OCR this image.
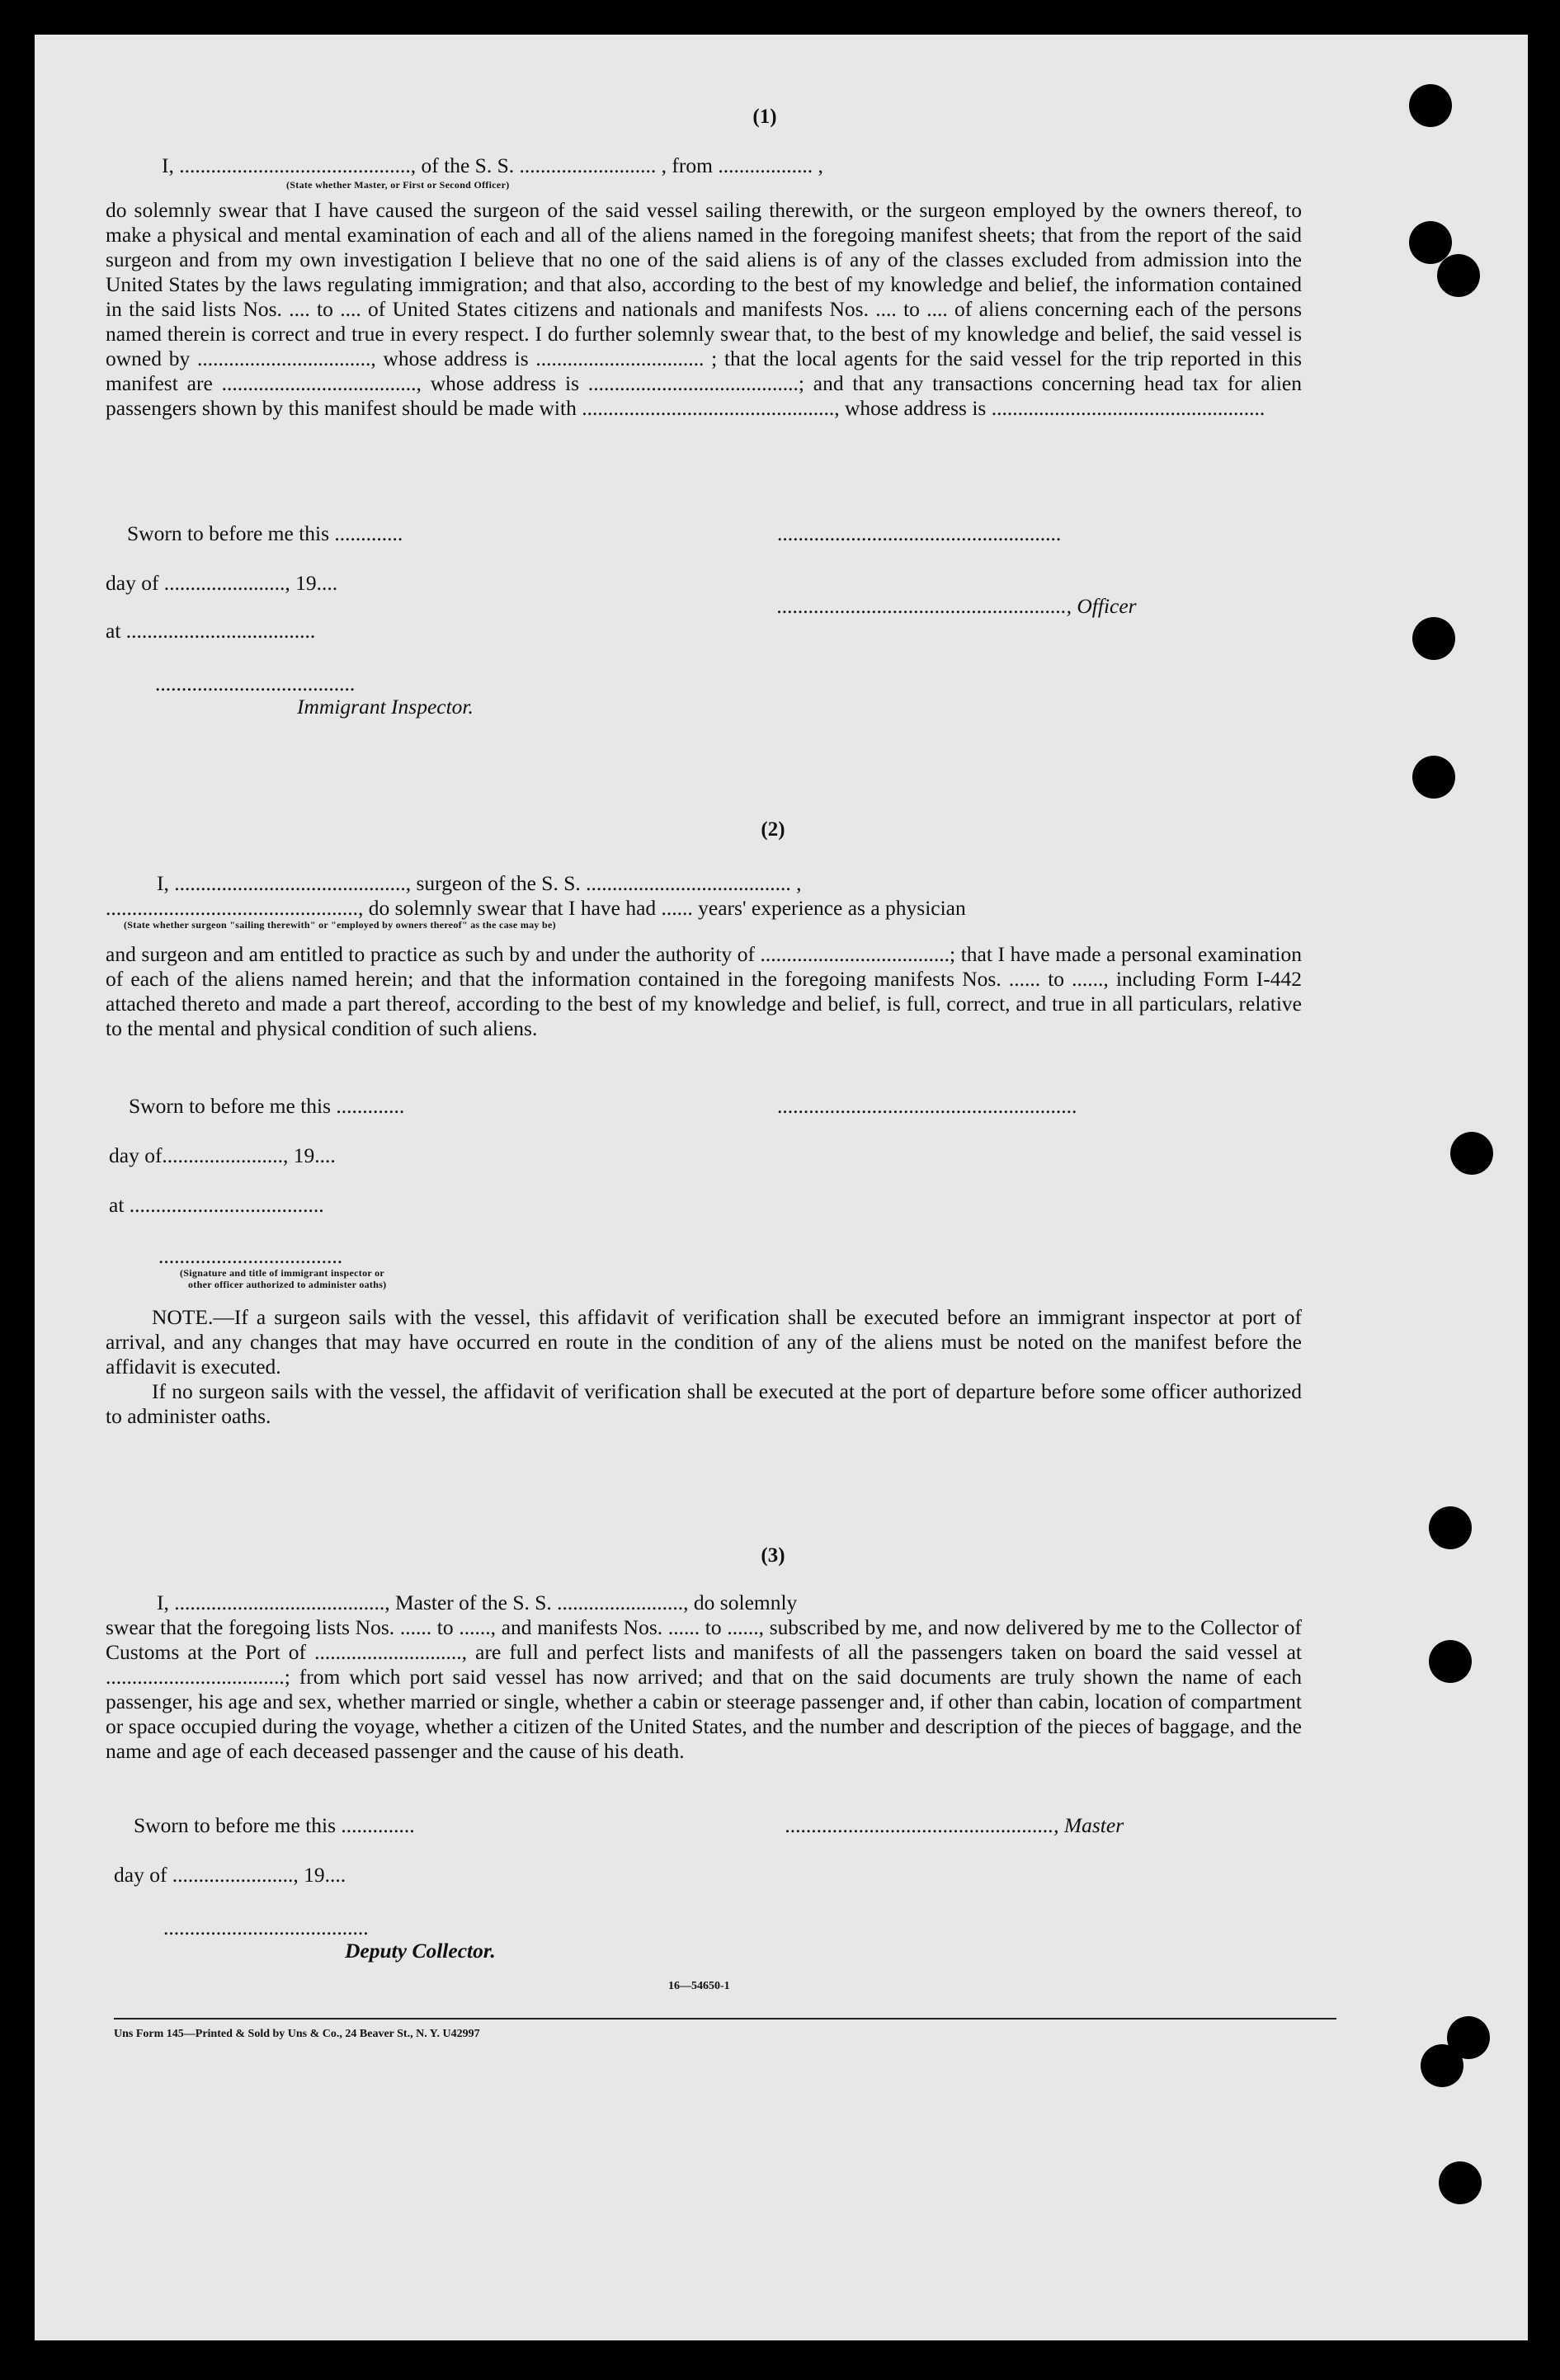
(1)
I, ............................................, of the S. S. .......................... , from .................. ,
(State whether Master, or First or Second Officer)
do solemnly swear that I have caused the surgeon of the said vessel sailing therewith, or the surgeon employed by the owners thereof, to make a physical and mental examination of each and all of the aliens named in the foregoing manifest sheets; that from the report of the said surgeon and from my own investigation I believe that no one of the said aliens is of any of the classes excluded from admission into the United States by the laws regulating immigration; and that also, according to the best of my knowledge and belief, the information contained in the said lists Nos. .... to .... of United States citizens and nationals and manifests Nos. .... to .... of aliens concerning each of the persons named therein is correct and true in every respect. I do further solemnly swear that, to the best of my knowledge and belief, the said vessel is owned by ................................., whose address is ................................ ; that the local agents for the said vessel for the trip reported in this manifest are ....................................., whose address is ........................................; and that any transactions concerning head tax for alien passengers shown by this manifest should be made with ................................................, whose address is ....................................................
Sworn to before me this .............	......................................................
day of ......................., 19....
......................................................., Officer
at ....................................
......................................
Immigrant Inspector.
(2)
I, ............................................, surgeon of the S. S. ....................................... ,
................................................, do solemnly swear that I have had ...... years' experience as a physician
(State whether surgeon "sailing therewith" or "employed by owners thereof" as the case may be)
and surgeon and am entitled to practice as such by and under the authority of ....................................; that I have made a personal examination of each of the aliens named herein; and that the information contained in the foregoing manifests Nos. ...... to ......, including Form I-442 attached thereto and made a part thereof, according to the best of my knowledge and belief, is full, correct, and true in all particulars, relative to the mental and physical condition of such aliens.
Sworn to before me this .............	.........................................................
day of......................., 19....
at .....................................
...................................
(Signature and title of immigrant inspector or
other officer authorized to administer oaths)
NOTE.—If a surgeon sails with the vessel, this affidavit of verification shall be executed before an immigrant inspector at port of arrival, and any changes that may have occurred en route in the condition of any of the aliens must be noted on the manifest before the affidavit is executed.
If no surgeon sails with the vessel, the affidavit of verification shall be executed at the port of departure before some officer authorized to administer oaths.
(3)
I, ........................................, Master of the S. S. ........................, do solemnly
swear that the foregoing lists Nos. ...... to ......, and manifests Nos. ...... to ......, subscribed by me, and now delivered by me to the Collector of Customs at the Port of ............................, are full and perfect lists and manifests of all the passengers taken on board the said vessel at ..................................; from which port said vessel has now arrived; and that on the said documents are truly shown the name of each passenger, his age and sex, whether married or single, whether a cabin or steerage passenger and, if other than cabin, location of compartment or space occupied during the voyage, whether a citizen of the United States, and the number and description of the pieces of baggage, and the name and age of each deceased passenger and the cause of his death.
Sworn to before me this ..............	..................................................., Master
day of ......................., 19....
.......................................
Deputy Collector.
16—54650-1
Uns Form 145—Printed & Sold by Uns & Co., 24 Beaver St., N. Y. U42997
